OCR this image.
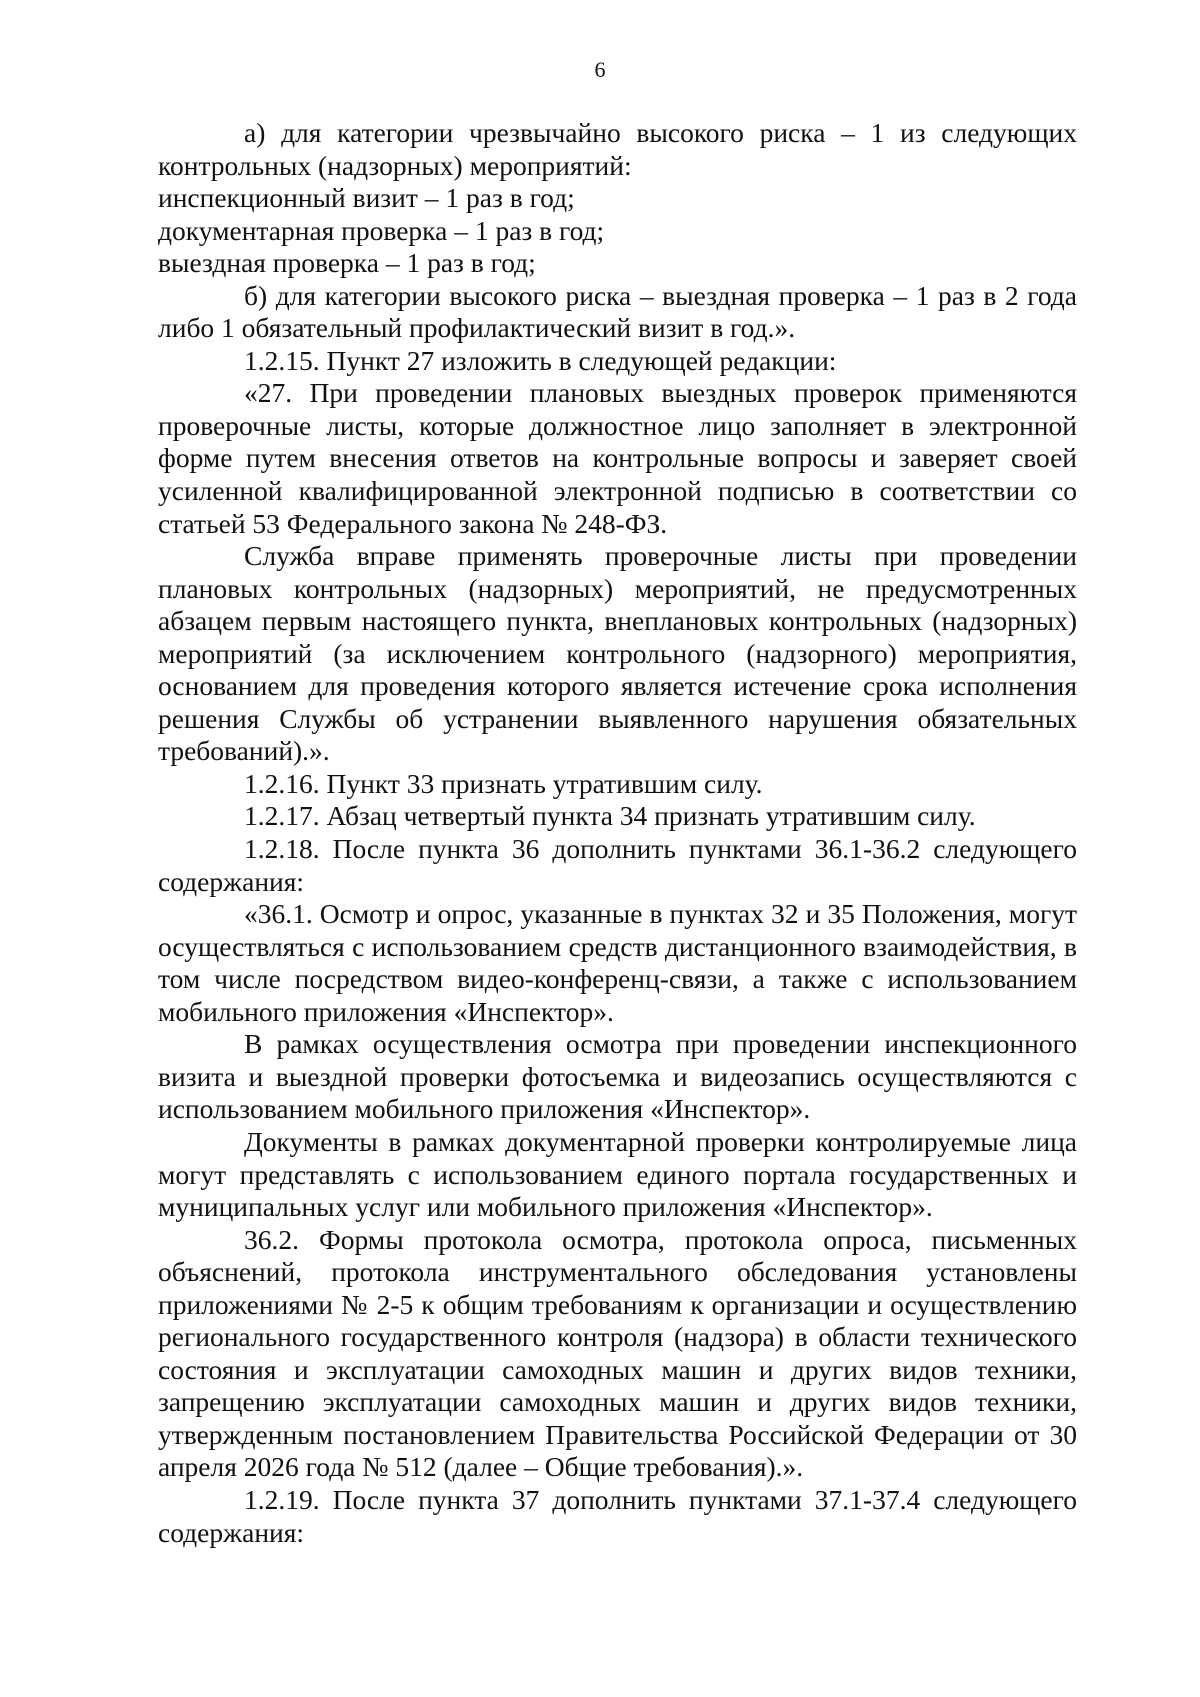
6

а) для категории чрезвычайно высокого риска – 1 из следующих контрольных (надзорных) мероприятий:

инспекционный визит – 1 раз в год;

документарная проверка – 1 раз в год;

выездная проверка – 1 раз в год;

б) для категории высокого риска – выездная проверка – 1 раз в 2 года либо 1 обязательный профилактический визит в год.».

1.2.15. Пункт 27 изложить в следующей редакции:

«27. При проведении плановых выездных проверок применяются проверочные листы, которые должностное лицо заполняет в электронной форме путем внесения ответов на контрольные вопросы и заверяет своей усиленной квалифицированной электронной подписью в соответствии со статьей 53 Федерального закона № 248-ФЗ.

Служба вправе применять проверочные листы при проведении плановых контрольных (надзорных) мероприятий, не предусмотренных абзацем первым настоящего пункта, внеплановых контрольных (надзорных) мероприятий (за исключением контрольного (надзорного) мероприятия, основанием для проведения которого является истечение срока исполнения решения Службы об устранении выявленного нарушения обязательных требований).».

1.2.16. Пункт 33 признать утратившим силу.

1.2.17. Абзац четвертый пункта 34 признать утратившим силу.

1.2.18. После пункта 36 дополнить пунктами 36.1-36.2 следующего содержания:

«36.1. Осмотр и опрос, указанные в пунктах 32 и 35 Положения, могут осуществляться с использованием средств дистанционного взаимодействия, в том числе посредством видео-конференц-связи, а также с использованием мобильного приложения «Инспектор».

В рамках осуществления осмотра при проведении инспекционного визита и выездной проверки фотосъемка и видеозапись осуществляются с использованием мобильного приложения «Инспектор».

Документы в рамках документарной проверки контролируемые лица могут представлять с использованием единого портала государственных и муниципальных услуг или мобильного приложения «Инспектор».

36.2. Формы протокола осмотра, протокола опроса, письменных объяснений, протокола инструментального обследования установлены приложениями № 2-5 к общим требованиям к организации и осуществлению регионального государственного контроля (надзора) в области технического состояния и эксплуатации самоходных машин и других видов техники, запрещению эксплуатации самоходных машин и других видов техники, утвержденным постановлением Правительства Российской Федерации от 30 апреля 2026 года № 512 (далее – Общие требования).».

1.2.19. После пункта 37 дополнить пунктами 37.1-37.4 следующего содержания:
